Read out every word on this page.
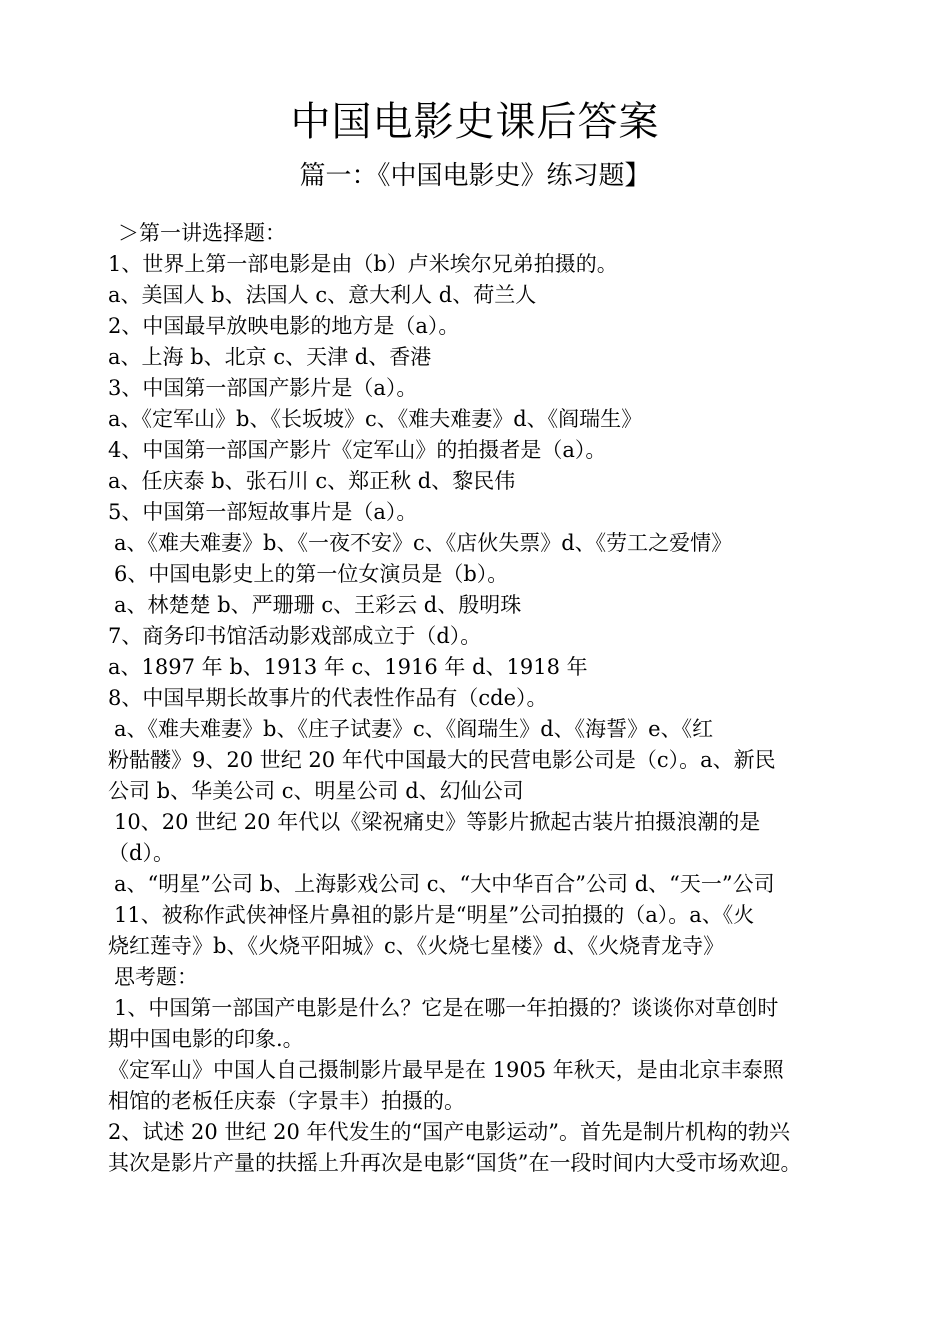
中国电影史课后答案
篇一：《中国电影史》练习题】
＞第一讲选择题：
1、世界上第一部电影是由（b）卢米埃尔兄弟拍摄的。
a、美国人 b、法国人 c、意大利人 d、荷兰人
2、中国最早放映电影的地方是（a）。
a、上海 b、北京 c、天津 d、香港
3、中国第一部国产影片是（a）。
a、《定军山》b、《长坂坡》c、《难夫难妻》d、《阎瑞生》
4、中国第一部国产影片《定军山》的拍摄者是（a）。
a、任庆泰 b、张石川 c、郑正秋 d、黎民伟
5、中国第一部短故事片是（a）。
a、《难夫难妻》b、《一夜不安》c、《店伙失票》d、《劳工之爱情》
6、中国电影史上的第一位女演员是（b）。
a、林楚楚 b、严珊珊 c、王彩云 d、殷明珠
7、商务印书馆活动影戏部成立于（d）。
a、1897 年 b、1913 年 c、1916 年 d、1918 年
8、中国早期长故事片的代表性作品有（cde）。
a、《难夫难妻》b、《庄子试妻》c、《阎瑞生》d、《海誓》e、《红
粉骷髅》9、20 世纪 20 年代中国最大的民营电影公司是（c）。a、新民
公司 b、华美公司 c、明星公司 d、幻仙公司
10、20 世纪 20 年代以《梁祝痛史》等影片掀起古装片拍摄浪潮的是
（d）。
a、“明星”公司 b、上海影戏公司 c、“大中华百合”公司 d、“天一”公司
11、被称作武侠神怪片鼻祖的影片是“明星”公司拍摄的（a）。a、《火
烧红莲寺》b、《火烧平阳城》c、《火烧七星楼》d、《火烧青龙寺》
思考题：
1、中国第一部国产电影是什么？它是在哪一年拍摄的？谈谈你对草创时
期中国电影的印象.。
《定军山》中国人自己摄制影片最早是在 1905 年秋天，是由北京丰泰照
相馆的老板任庆泰（字景丰）拍摄的。
2、试述 20 世纪 20 年代发生的“国产电影运动”。首先是制片机构的勃兴
其次是影片产量的扶摇上升再次是电影“国货”在一段时间内大受市场欢迎。
